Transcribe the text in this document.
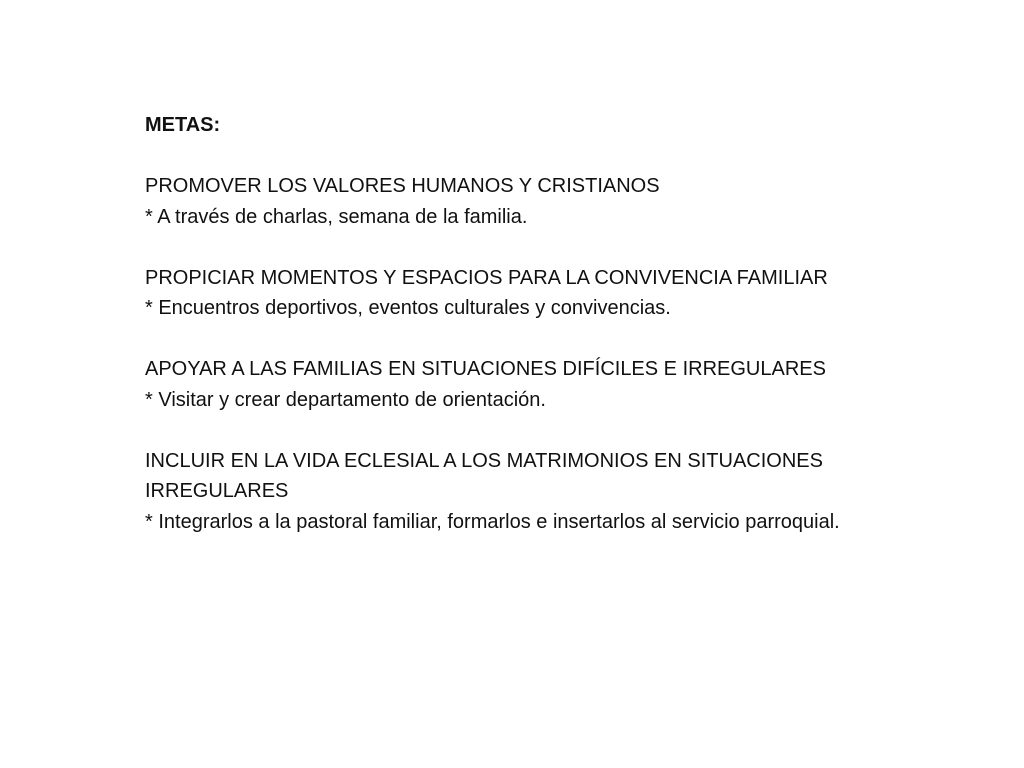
METAS:

PROMOVER LOS VALORES HUMANOS Y CRISTIANOS

* A través de charlas, semana de la familia.

PROPICIAR MOMENTOS Y ESPACIOS PARA LA CONVIVENCIA FAMILIAR

* Encuentros deportivos, eventos culturales y convivencias.

APOYAR A LAS FAMILIAS EN SITUACIONES DIFÍCILES E IRREGULARES

* Visitar y crear departamento de orientación.

INCLUIR EN LA VIDA ECLESIAL A LOS MATRIMONIOS EN SITUACIONES IRREGULARES

* Integrarlos a la pastoral familiar, formarlos e insertarlos al servicio parroquial.
